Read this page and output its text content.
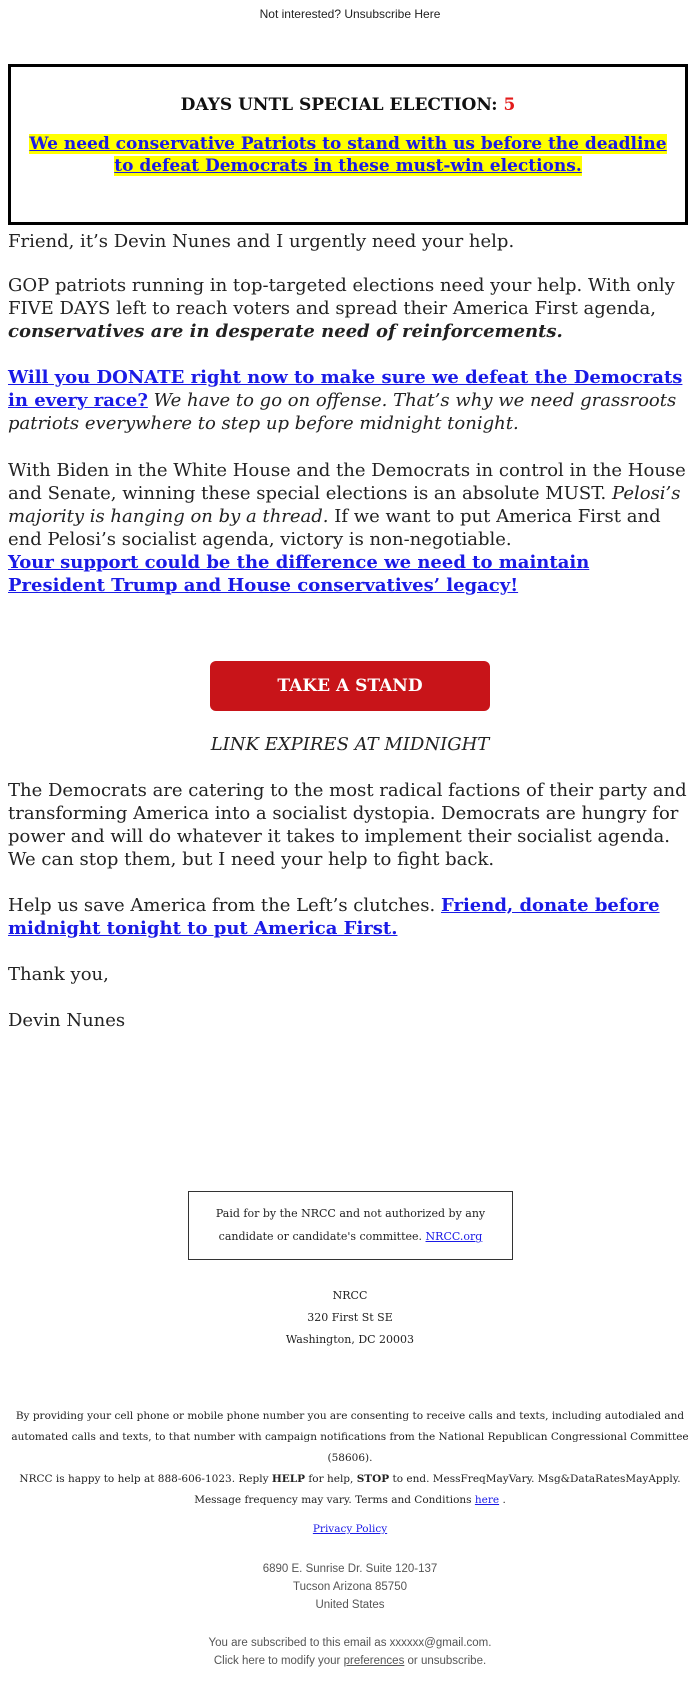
Not interested? Unsubscribe Here
DAYS UNTL SPECIAL ELECTION: 5
We need conservative Patriots to stand with us before the deadline
to defeat Democrats in these must-win elections.

Friend, it’s Devin Nunes and I urgently need your help.

GOP patriots running in top-targeted elections need your help. With only FIVE DAYS left to reach voters and spread their America First agenda, conservatives are in desperate need of reinforcements.

Will you DONATE right now to make sure we defeat the Democrats in every race? We have to go on offense. That’s why we need grassroots patriots everywhere to step up before midnight tonight.

With Biden in the White House and the Democrats in control in the House and Senate, winning these special elections is an absolute MUST. Pelosi’s majority is hanging on by a thread. If we want to put America First and end Pelosi’s socialist agenda, victory is non-negotiable.

Your support could be the difference we need to maintain President Trump and House conservatives’ legacy!

TAKE A STAND
LINK EXPIRES AT MIDNIGHT

The Democrats are catering to the most radical factions of their party and transforming America into a socialist dystopia. Democrats are hungry for power and will do whatever it takes to implement their socialist agenda. We can stop them, but I need your help to fight back.

Help us save America from the Left’s clutches. Friend, donate before midnight tonight to put America First.

Thank you,

Devin Nunes

Paid for by the NRCC and not authorized by any candidate or candidate's committee. NRCC.org
NRCC
320 First St SE
Washington, DC 20003
By providing your cell phone or mobile phone number you are consenting to receive calls and texts, including autodialed and automated calls and texts, to that number with campaign notifications from the National Republican Congressional Committee (58606).
NRCC is happy to help at 888-606-1023. Reply HELP for help, STOP to end. MessFreqMayVary. Msg&DataRatesMayApply. Message frequency may vary. Terms and Conditions here .
Privacy Policy
6890 E. Sunrise Dr. Suite 120-137
Tucson Arizona 85750
United States
You are subscribed to this email as xxxxxx@gmail.com.
Click here to modify your preferences or unsubscribe.
